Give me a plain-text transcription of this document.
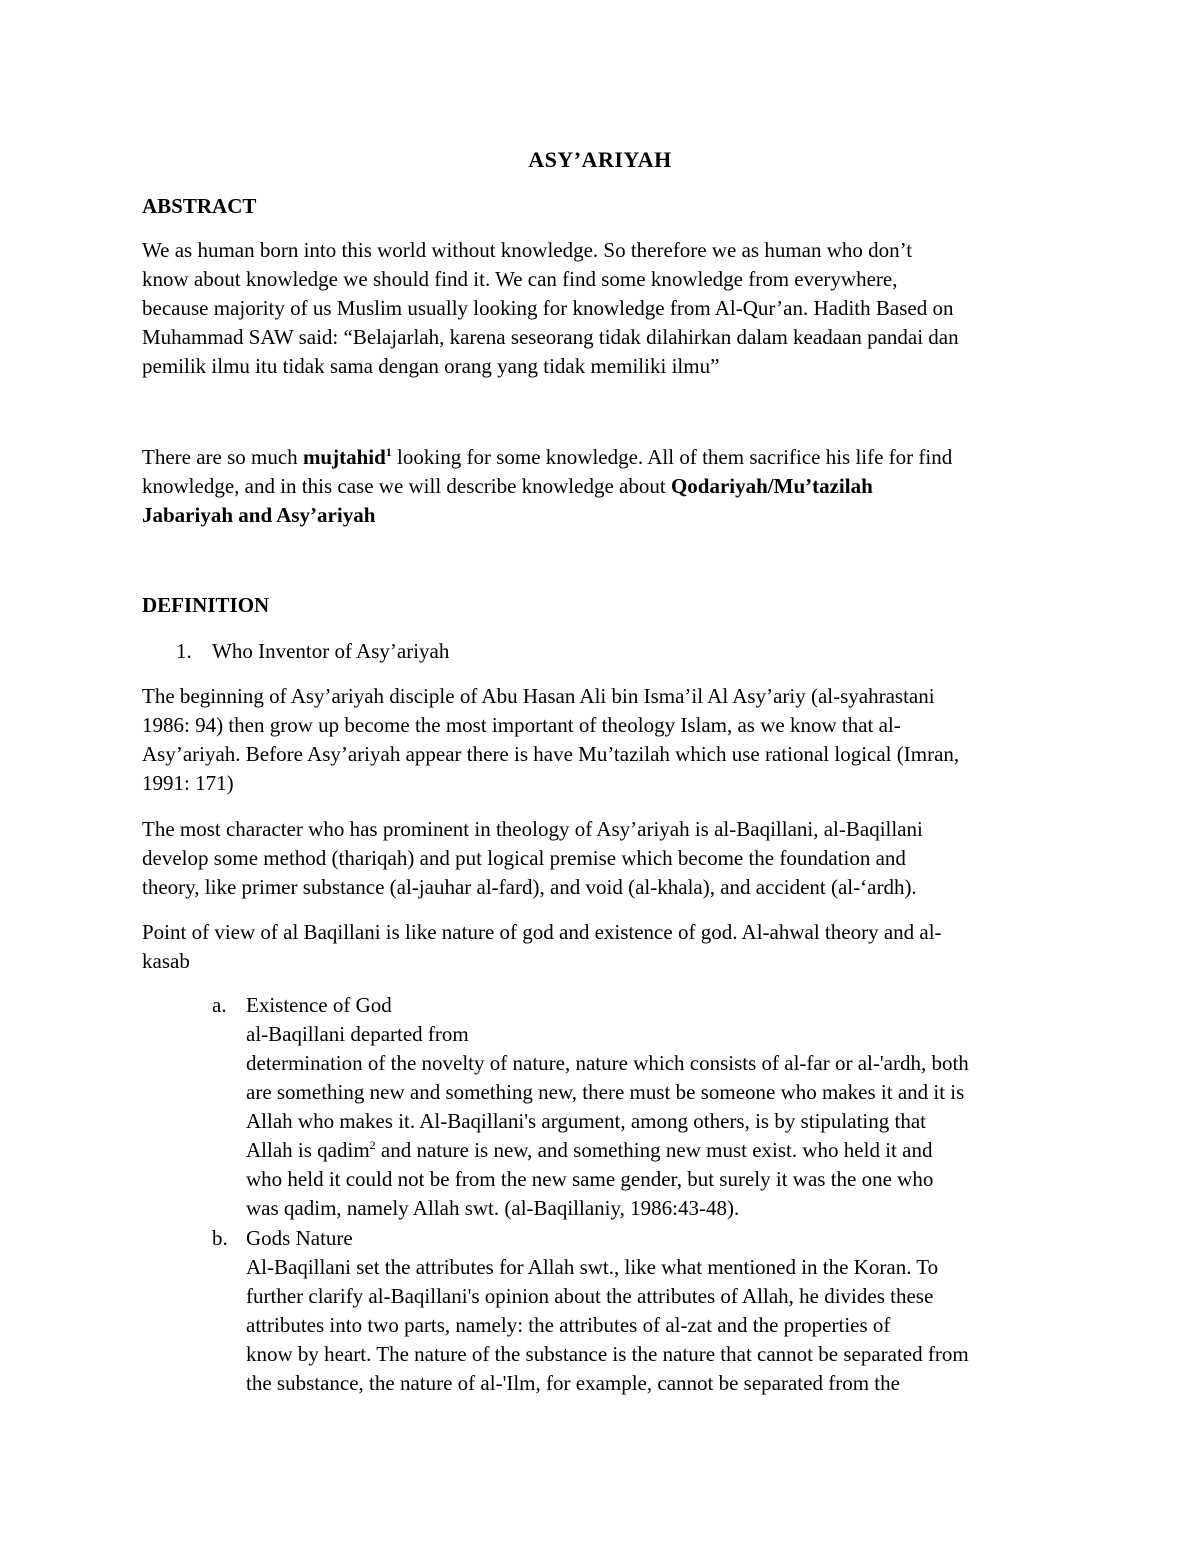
ASY’ARIYAH
ABSTRACT
We as human born into this world without knowledge. So therefore we as human who don’t
know about knowledge we should find it. We can find some knowledge from everywhere,
because majority of us Muslim usually looking for knowledge from Al-Qur’an. Hadith Based on
Muhammad SAW said: “Belajarlah, karena seseorang tidak dilahirkan dalam keadaan pandai dan
pemilik ilmu itu tidak sama dengan orang yang tidak memiliki ilmu”
There are so much mujtahid$^1$ looking for some knowledge. All of them sacrifice his life for find
knowledge, and in this case we will describe knowledge about Qodariyah/Mu’tazilah
Jabariyah and Asy’ariyah
DEFINITION
1. Who Inventor of Asy’ariyah
The beginning of Asy’ariyah disciple of Abu Hasan Ali bin Isma’il Al Asy’ariy (al-syahrastani
1986: 94) then grow up become the most important of theology Islam, as we know that al-
Asy’ariyah. Before Asy’ariyah appear there is have Mu’tazilah which use rational logical (Imran,
1991: 171)
The most character who has prominent in theology of Asy’ariyah is al-Baqillani, al-Baqillani
develop some method (thariqah) and put logical premise which become the foundation and
theory, like primer substance (al-jauhar al-fard), and void (al-khala), and accident (al-‘ardh).
Point of view of al Baqillani is like nature of god and existence of god. Al-ahwal theory and al-
kasab
a. Existence of God
al-Baqillani departed from
determination of the novelty of nature, nature which consists of al-far or al-'ardh, both
are something new and something new, there must be someone who makes it and it is
Allah who makes it. Al-Baqillani's argument, among others, is by stipulating that
Allah is qadim$^2$ and nature is new, and something new must exist. who held it and
who held it could not be from the new same gender, but surely it was the one who
was qadim, namely Allah swt. (al-Baqillaniy, 1986:43-48).
b. Gods Nature
Al-Baqillani set the attributes for Allah swt., like what mentioned in the Koran. To
further clarify al-Baqillani's opinion about the attributes of Allah, he divides these
attributes into two parts, namely: the attributes of al-zat and the properties of
know by heart. The nature of the substance is the nature that cannot be separated from
the substance, the nature of al-'Ilm, for example, cannot be separated from the
